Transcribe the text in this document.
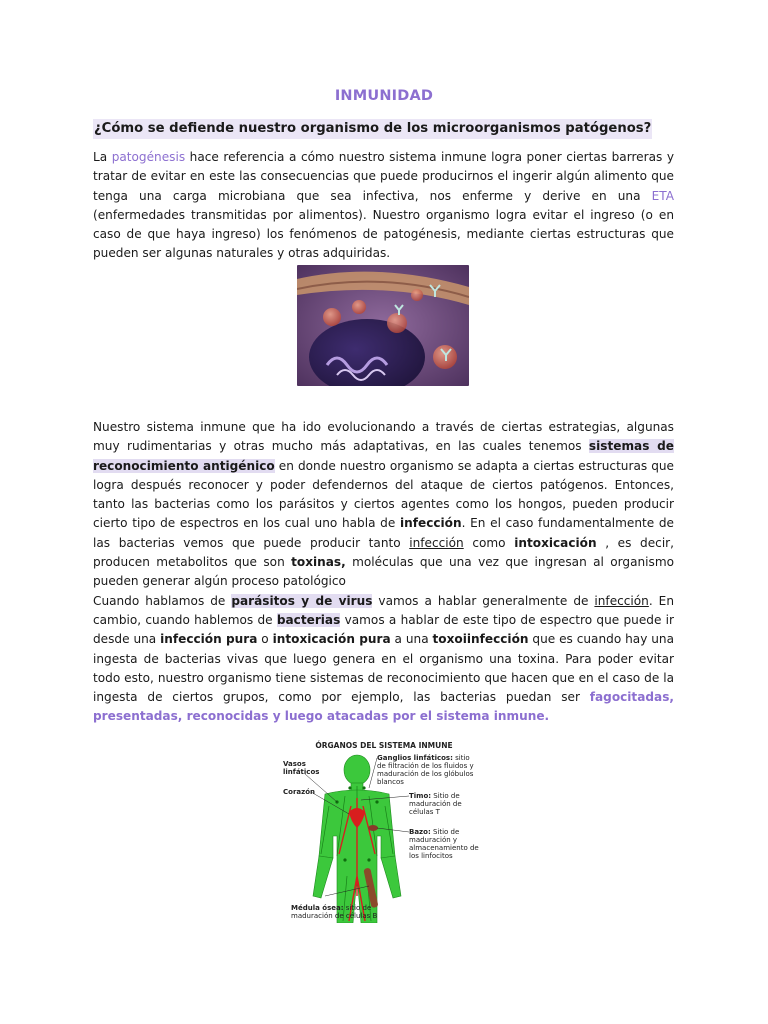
INMUNIDAD
¿Cómo se defiende nuestro organismo de los microorganismos patógenos?

La patogénesis hace referencia a cómo nuestro sistema inmune logra poner ciertas barreras y tratar de evitar en este las consecuencias que puede producirnos el ingerir algún alimento que tenga una carga microbiana que sea infectiva, nos enferme y derive en una ETA (enfermedades transmitidas por alimentos). Nuestro organismo logra evitar el ingreso (o en caso de que haya ingreso) los fenómenos de patogénesis, mediante ciertas estructuras que pueden ser algunas naturales y otras adquiridas.

Nuestro sistema inmune que ha ido evolucionando a través de ciertas estrategias, algunas muy rudimentarias y otras mucho más adaptativas, en las cuales tenemos sistemas de reconocimiento antigénico en donde nuestro organismo se adapta a ciertas estructuras que logra después reconocer y poder defendernos del ataque de ciertos patógenos. Entonces, tanto las bacterias como los parásitos y ciertos agentes como los hongos, pueden producir cierto tipo de espectros en los cual uno habla de infección. En el caso fundamentalmente de las bacterias vemos que puede producir tanto infección como intoxicación , es decir, producen metabolitos que son toxinas, moléculas que una vez que ingresan al organismo pueden generar algún proceso patológico
Cuando hablamos de parásitos y de virus vamos a hablar generalmente de infección. En cambio, cuando hablemos de bacterias vamos a hablar de este tipo de espectro que puede ir desde una infección pura o intoxicación pura a una toxoiinfección que es cuando hay una ingesta de bacterias vivas que luego genera en el organismo una toxina. Para poder evitar todo esto, nuestro organismo tiene sistemas de reconocimiento que hacen que en el caso de la ingesta de ciertos grupos, como por ejemplo, las bacterias puedan ser fagocitadas, presentadas, reconocidas y luego atacadas por el sistema inmune.

ÓRGANOS DEL SISTEMA INMUNE
Vasos
linfáticos
Corazón
Ganglios linfáticos: sitio
de filtración de los fluidos y
maduración de los glóbulos
blancos
Timo: Sitio de
maduración de
células T
Bazo: Sitio de
maduración y
almacenamiento de
los linfocitos
Médula ósea: sitio de
maduración de células B
